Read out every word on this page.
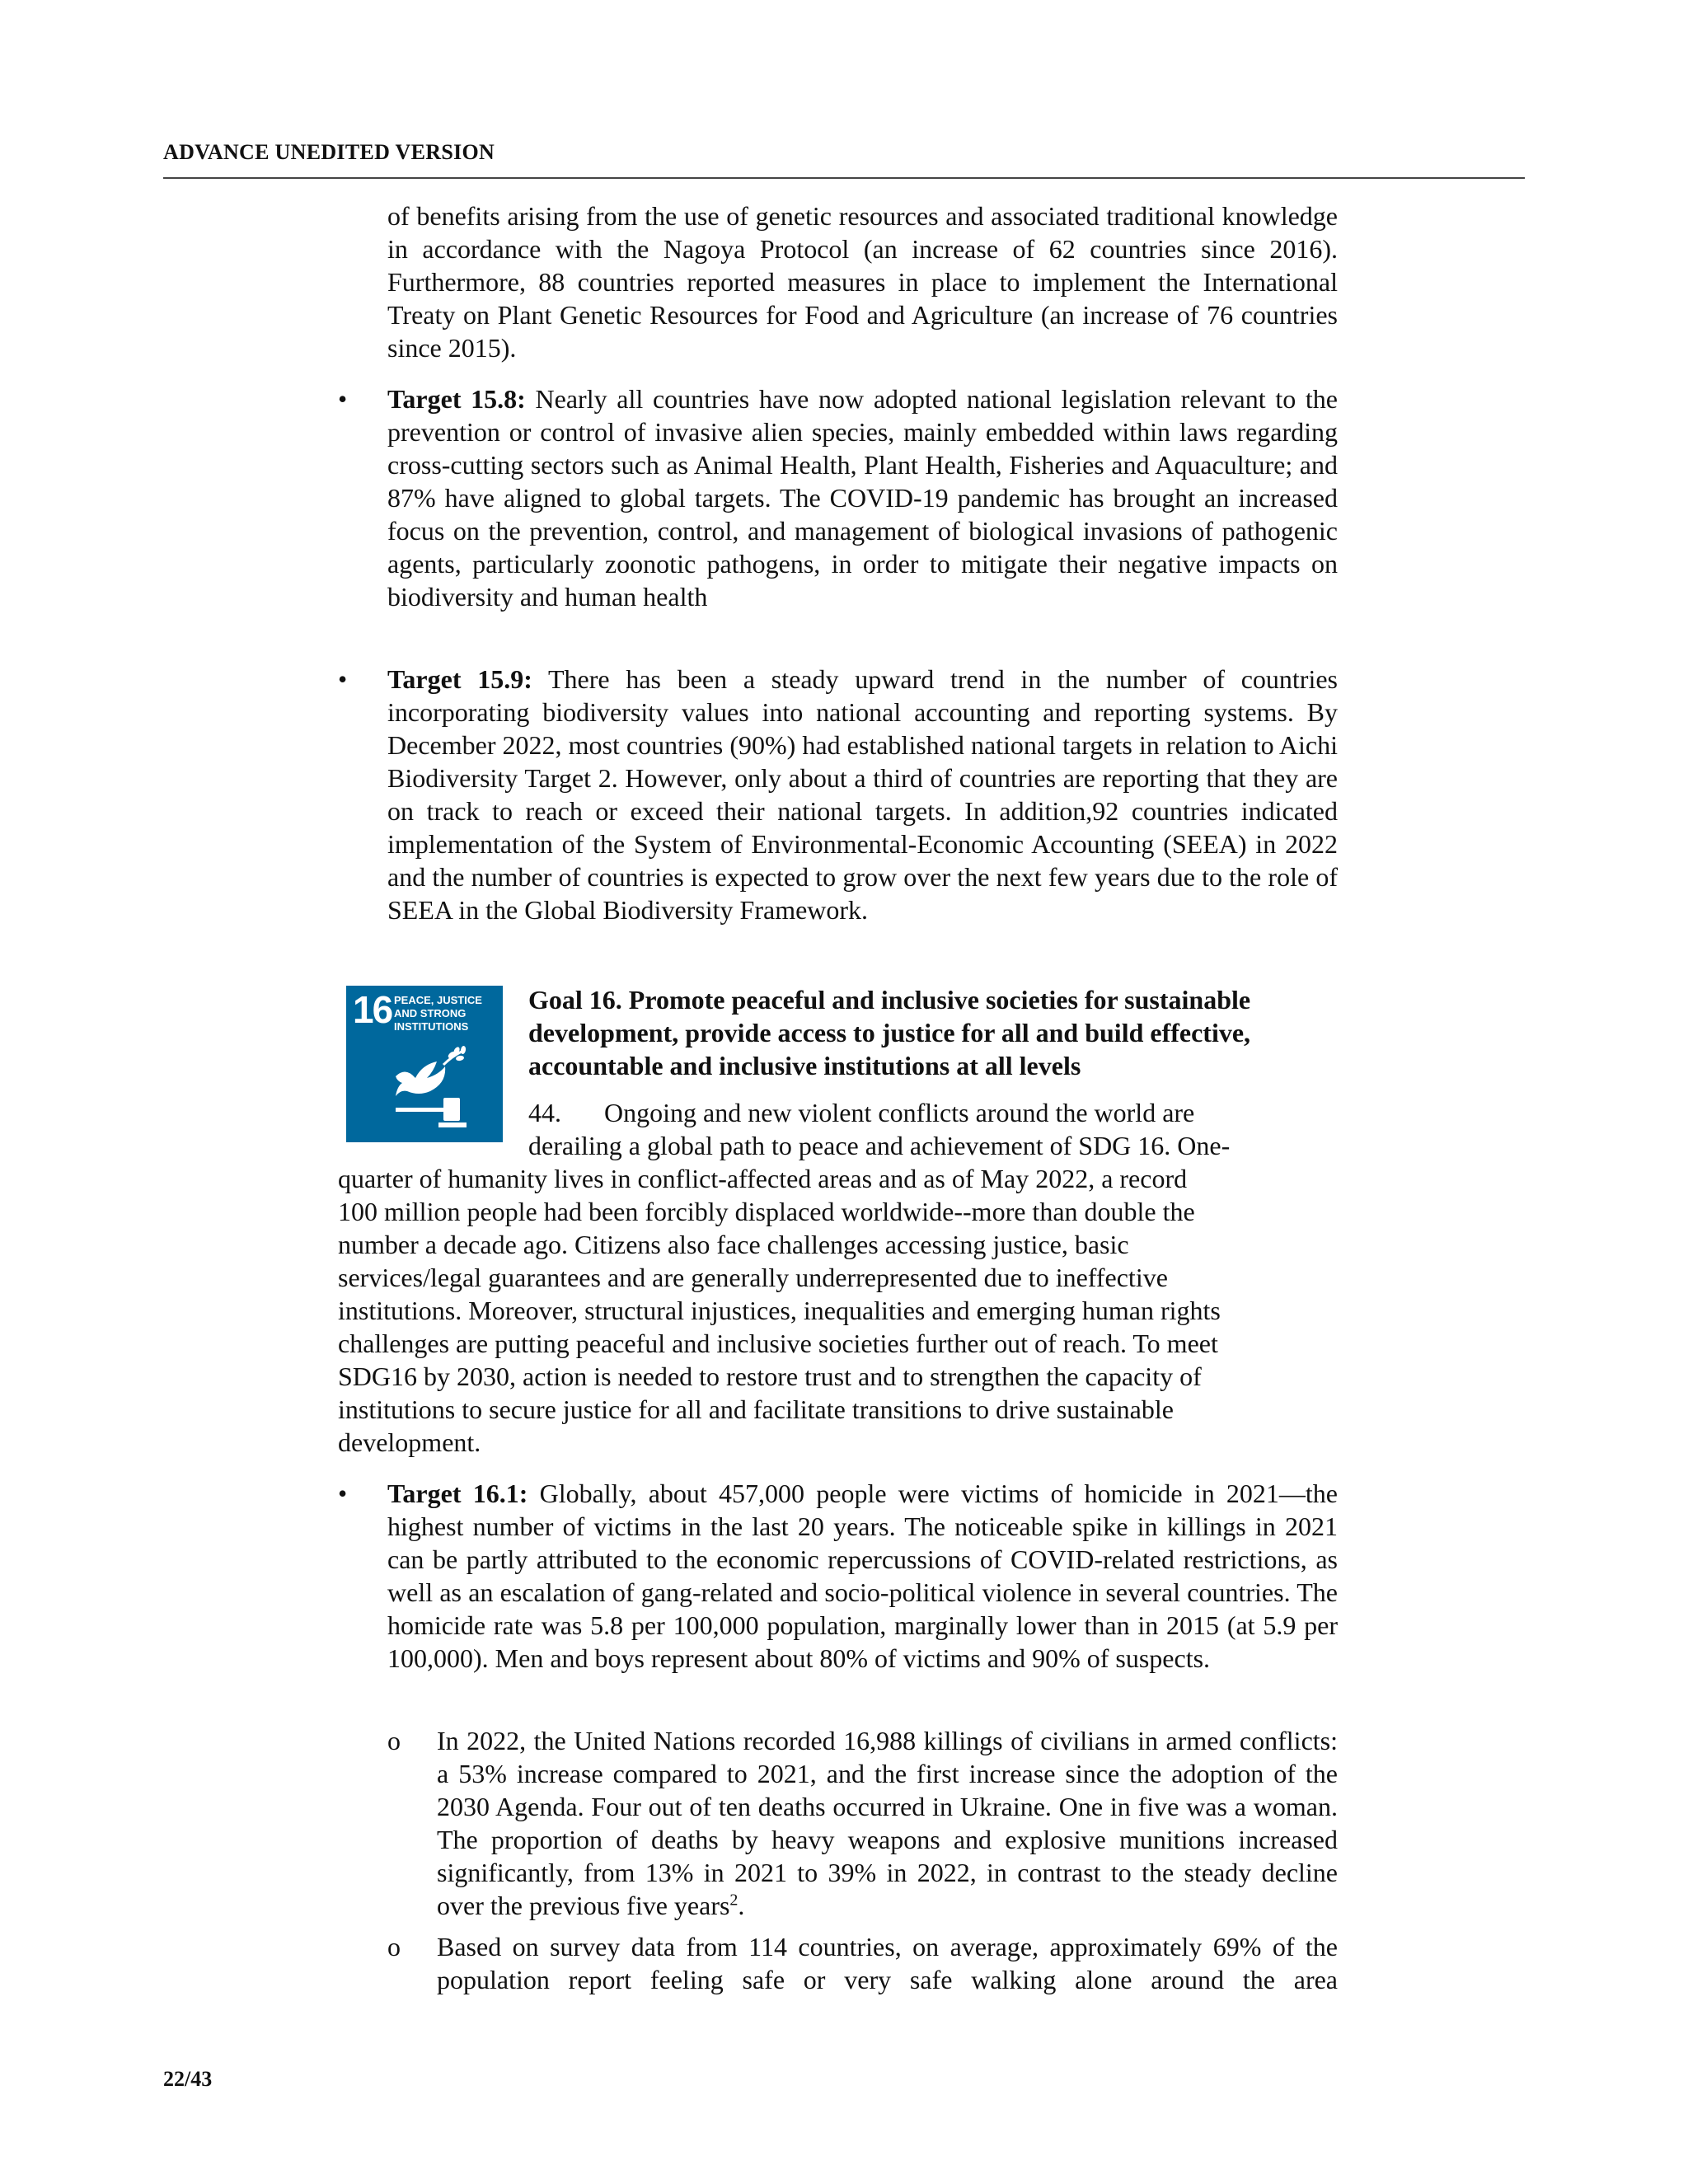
ADVANCE UNEDITED VERSION

of benefits arising from the use of genetic resources and associated traditional knowledge in accordance with the Nagoya Protocol (an increase of 62 countries since 2016). Furthermore, 88 countries reported measures in place to implement the International Treaty on Plant Genetic Resources for Food and Agriculture (an increase of 76 countries since 2015).

• Target 15.8: Nearly all countries have now adopted national legislation relevant to the prevention or control of invasive alien species, mainly embedded within laws regarding cross-cutting sectors such as Animal Health, Plant Health, Fisheries and Aquaculture; and 87% have aligned to global targets. The COVID-19 pandemic has brought an increased focus on the prevention, control, and management of biological invasions of pathogenic agents, particularly zoonotic pathogens, in order to mitigate their negative impacts on biodiversity and human health

• Target 15.9: There has been a steady upward trend in the number of countries incorporating biodiversity values into national accounting and reporting systems. By December 2022, most countries (90%) had established national targets in relation to Aichi Biodiversity Target 2. However, only about a third of countries are reporting that they are on track to reach or exceed their national targets. In addition,92 countries indicated implementation of the System of Environmental-Economic Accounting (SEEA) in 2022 and the number of countries is expected to grow over the next few years due to the role of SEEA in the Global Biodiversity Framework.

16 PEACE, JUSTICE
AND STRONG
INSTITUTIONS
Goal 16. Promote peaceful and inclusive societies for sustainable
development, provide access to justice for all and build effective,
accountable and inclusive institutions at all levels
44. Ongoing and new violent conflicts around the world are
derailing a global path to peace and achievement of SDG 16. One-
quarter of humanity lives in conflict-affected areas and as of May 2022, a record
100 million people had been forcibly displaced worldwide--more than double the
number a decade ago. Citizens also face challenges accessing justice, basic
services/legal guarantees and are generally underrepresented due to ineffective
institutions. Moreover, structural injustices, inequalities and emerging human rights
challenges are putting peaceful and inclusive societies further out of reach. To meet
SDG16 by 2030, action is needed to restore trust and to strengthen the capacity of
institutions to secure justice for all and facilitate transitions to drive sustainable
development.
• Target 16.1: Globally, about 457,000 people were victims of homicide in 2021—the highest number of victims in the last 20 years. The noticeable spike in killings in 2021 can be partly attributed to the economic repercussions of COVID-related restrictions, as well as an escalation of gang-related and socio-political violence in several countries. The homicide rate was 5.8 per 100,000 population, marginally lower than in 2015 (at 5.9 per 100,000). Men and boys represent about 80% of victims and 90% of suspects.

o In 2022, the United Nations recorded 16,988 killings of civilians in armed conflicts: a 53% increase compared to 2021, and the first increase since the adoption of the 2030 Agenda. Four out of ten deaths occurred in Ukraine. One in five was a woman. The proportion of deaths by heavy weapons and explosive munitions increased significantly, from 13% in 2021 to 39% in 2022, in contrast to the steady decline over the previous five years$^2$.

o Based on survey data from 114 countries, on average, approximately 69% of the population report feeling safe or very safe walking alone around the area

22/43
